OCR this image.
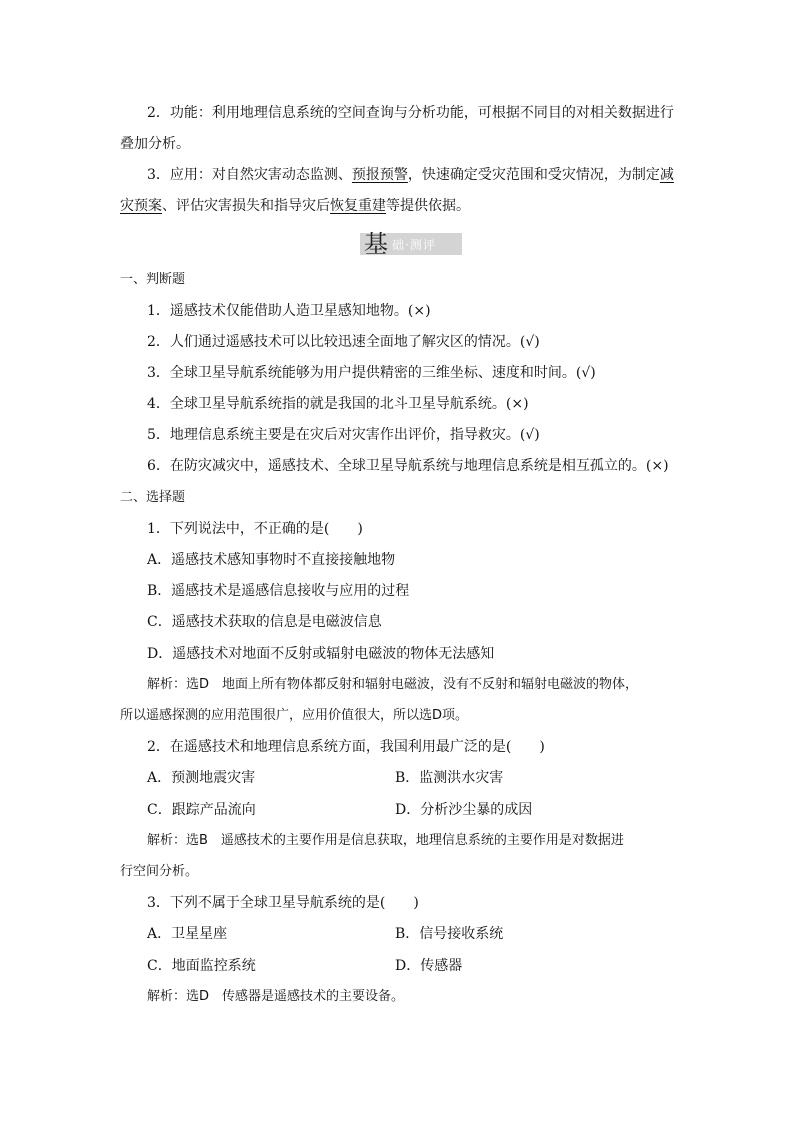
2．功能：利用地理信息系统的空间查询与分析功能，可根据不同目的对相关数据进行
叠加分析。
3．应用：对自然灾害动态监测、预报预警，快速确定受灾范围和受灾情况，为制定减
灾预案、评估灾害损失和指导灾后恢复重建等提供依据。
基 础·测评
一、判断题
1．遥感技术仅能借助人造卫星感知地物。(×)
2．人们通过遥感技术可以比较迅速全面地了解灾区的情况。(√)
3．全球卫星导航系统能够为用户提供精密的三维坐标、速度和时间。(√)
4．全球卫星导航系统指的就是我国的北斗卫星导航系统。(×)
5．地理信息系统主要是在灾后对灾害作出评价，指导救灾。(√)
6．在防灾减灾中，遥感技术、全球卫星导航系统与地理信息系统是相互孤立的。(×)
二、选择题
1．下列说法中，不正确的是(　　)
A．遥感技术感知事物时不直接接触地物
B．遥感技术是遥感信息接收与应用的过程
C．遥感技术获取的信息是电磁波信息
D．遥感技术对地面不反射或辐射电磁波的物体无法感知
解析：选D　地面上所有物体都反射和辐射电磁波，没有不反射和辐射电磁波的物体，
所以遥感探测的应用范围很广，应用价值很大，所以选D项。
2．在遥感技术和地理信息系统方面，我国利用最广泛的是(　　)
A．预测地震灾害	B．监测洪水灾害
C．跟踪产品流向	D．分析沙尘暴的成因
解析：选B　遥感技术的主要作用是信息获取，地理信息系统的主要作用是对数据进
行空间分析。
3．下列不属于全球卫星导航系统的是(　　)
A．卫星星座	B．信号接收系统
C．地面监控系统	D．传感器
解析：选D　传感器是遥感技术的主要设备。
